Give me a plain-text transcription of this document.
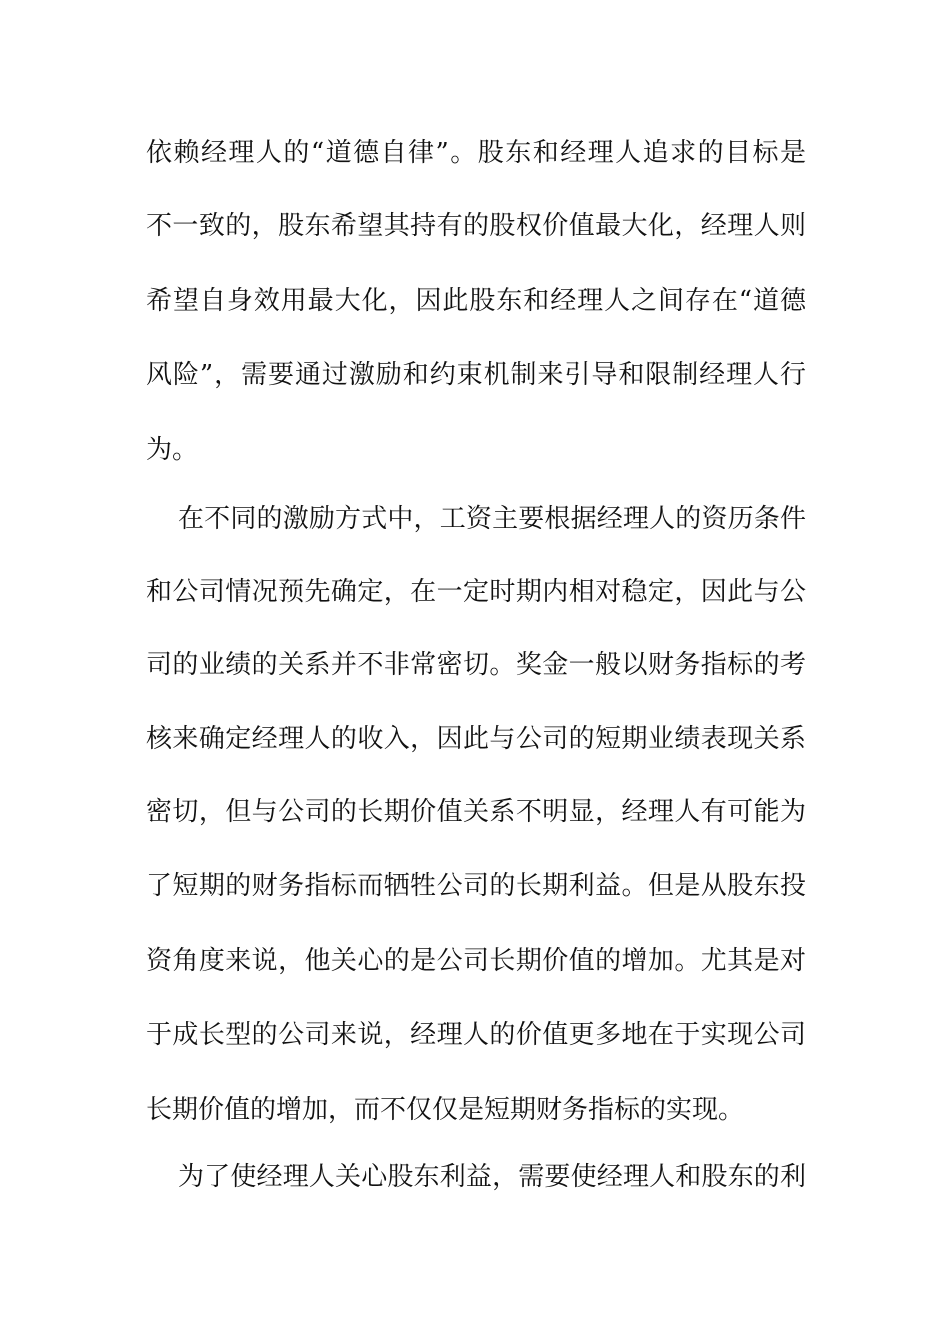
依赖经理人的“道德自律”。股东和经理人追求的目标是
不一致的，股东希望其持有的股权价值最大化，经理人则
希望自身效用最大化，因此股东和经理人之间存在“道德
风险”，需要通过激励和约束机制来引导和限制经理人行
为。
在不同的激励方式中，工资主要根据经理人的资历条件
和公司情况预先确定，在一定时期内相对稳定，因此与公
司的业绩的关系并不非常密切。奖金一般以财务指标的考
核来确定经理人的收入，因此与公司的短期业绩表现关系
密切，但与公司的长期价值关系不明显，经理人有可能为
了短期的财务指标而牺牲公司的长期利益。但是从股东投
资角度来说，他关心的是公司长期价值的增加。尤其是对
于成长型的公司来说，经理人的价值更多地在于实现公司
长期价值的增加，而不仅仅是短期财务指标的实现。
为了使经理人关心股东利益，需要使经理人和股东的利
